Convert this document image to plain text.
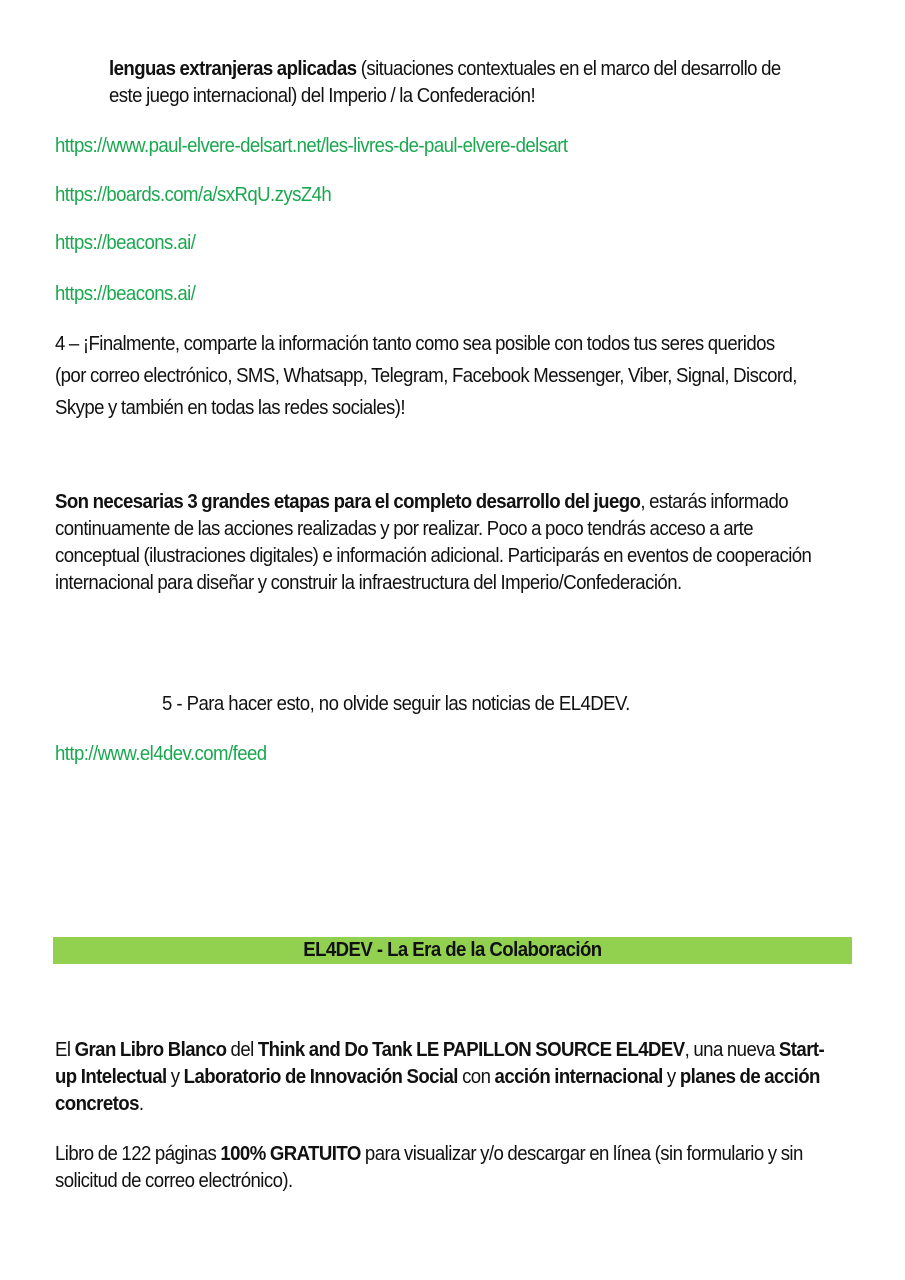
lenguas extranjeras aplicadas (situaciones contextuales en el marco del desarrollo de este juego internacional) del Imperio / la Confederación!

https://www.paul-elvere-delsart.net/les-livres-de-paul-elvere-delsart
https://boards.com/a/sxRqU.zysZ4h
https://beacons.ai/
https://beacons.ai/

4 – ¡Finalmente, comparte la información tanto como sea posible con todos tus seres queridos (por correo electrónico, SMS, Whatsapp, Telegram, Facebook Messenger, Viber, Signal, Discord, Skype y también en todas las redes sociales)!

Son necesarias 3 grandes etapas para el completo desarrollo del juego, estarás informado continuamente de las acciones realizadas y por realizar. Poco a poco tendrás acceso a arte conceptual (ilustraciones digitales) e información adicional. Participarás en eventos de cooperación internacional para diseñar y construir la infraestructura del Imperio/Confederación.

5 - Para hacer esto, no olvide seguir las noticias de EL4DEV.
http://www.el4dev.com/feed
EL4DEV - La Era de la Colaboración

El Gran Libro Blanco del Think and Do Tank LE PAPILLON SOURCE EL4DEV, una nueva Start-up Intelectual y Laboratorio de Innovación Social con acción internacional y planes de acción concretos.

Libro de 122 páginas 100% GRATUITO para visualizar y/o descargar en línea (sin formulario y sin solicitud de correo electrónico).
